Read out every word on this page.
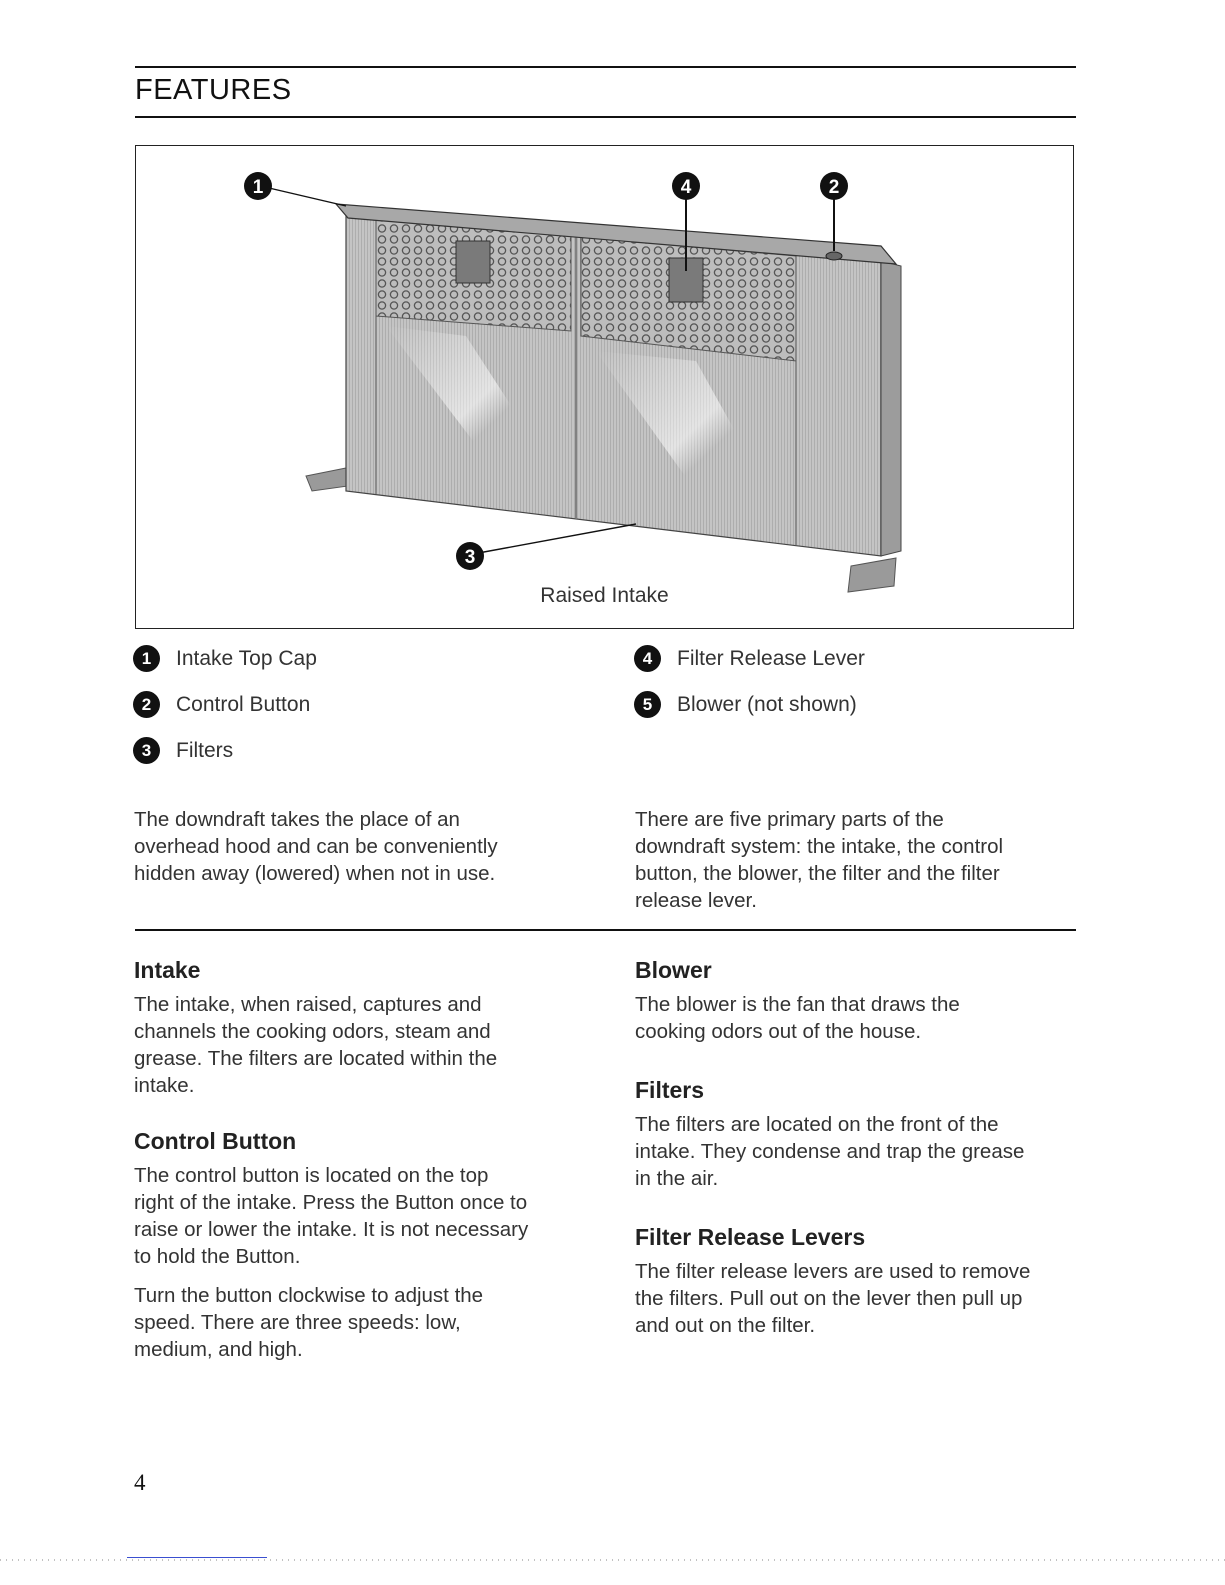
FEATURES
1	4	2
3
Raised Intake
1	Intake Top Cap
2	Control Button
3	Filters
4	Filter Release Lever
5	Blower (not shown)
The downdraft takes the place of an
overhead hood and can be conveniently
hidden away (lowered) when not in use.
There are five primary parts of the
downdraft system: the intake, the control
button, the blower, the filter and the filter
release lever.
Intake
The intake, when raised, captures and
channels the cooking odors, steam and
grease. The filters are located within the
intake.
Control Button
The control button is located on the top
right of the intake. Press the Button once to
raise or lower the intake. It is not necessary
to hold the Button.
Turn the button clockwise to adjust the
speed. There are three speeds: low,
medium, and high.
Blower
The blower is the fan that draws the
cooking odors out of the house.
Filters
The filters are located on the front of the
intake. They condense and trap the grease
in the air.
Filter Release Levers
The filter release levers are used to remove
the filters. Pull out on the lever then pull up
and out on the filter.
4
